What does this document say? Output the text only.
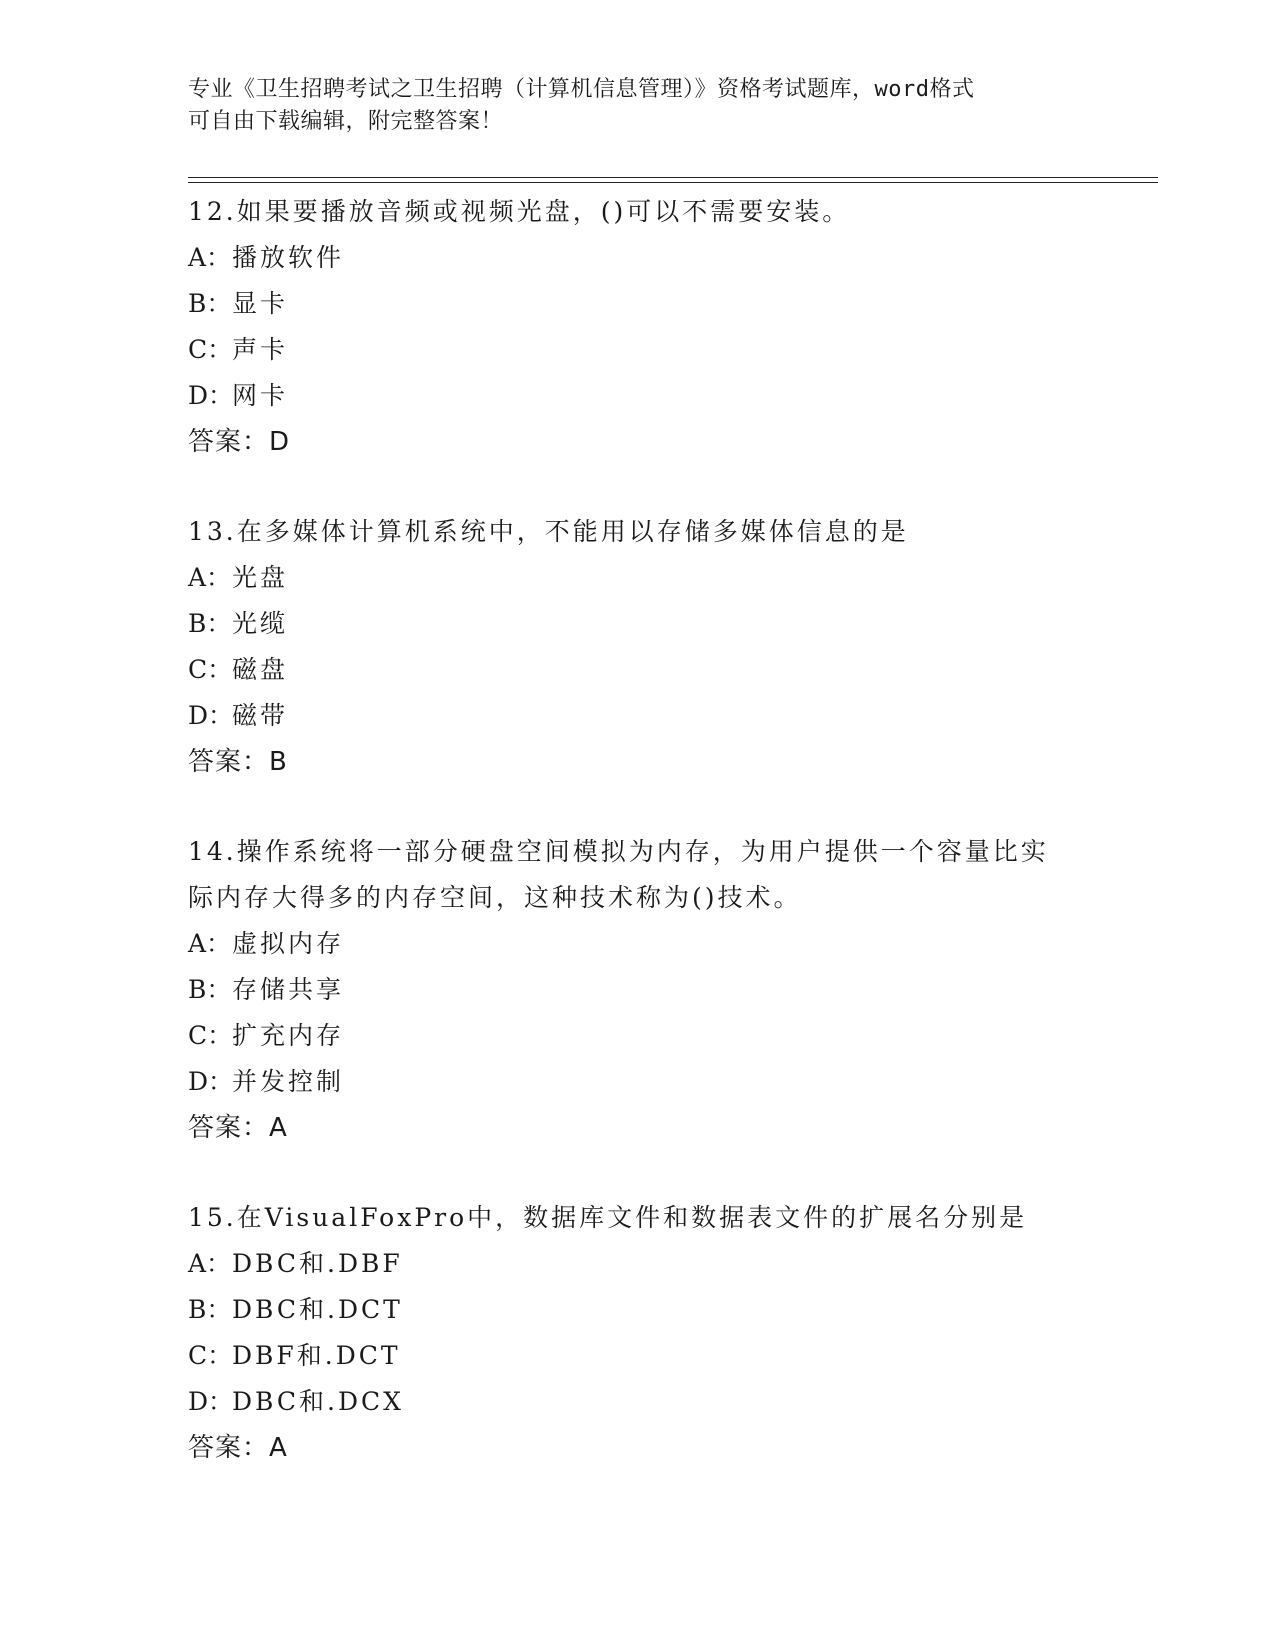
专业《卫生招聘考试之卫生招聘（计算机信息管理）》资格考试题库，word格式
可自由下载编辑，附完整答案！
12.如果要播放音频或视频光盘，()可以不需要安装。
A：播放软件
B：显卡
C：声卡
D：网卡
答案：D
13.在多媒体计算机系统中，不能用以存储多媒体信息的是
A：光盘
B：光缆
C：磁盘
D：磁带
答案：B
14.操作系统将一部分硬盘空间模拟为内存，为用户提供一个容量比实
际内存大得多的内存空间，这种技术称为()技术。
A：虚拟内存
B：存储共享
C：扩充内存
D：并发控制
答案：A
15.在VisualFoxPro中，数据库文件和数据表文件的扩展名分别是
A：DBC和.DBF
B：DBC和.DCT
C：DBF和.DCT
D：DBC和.DCX
答案：A
